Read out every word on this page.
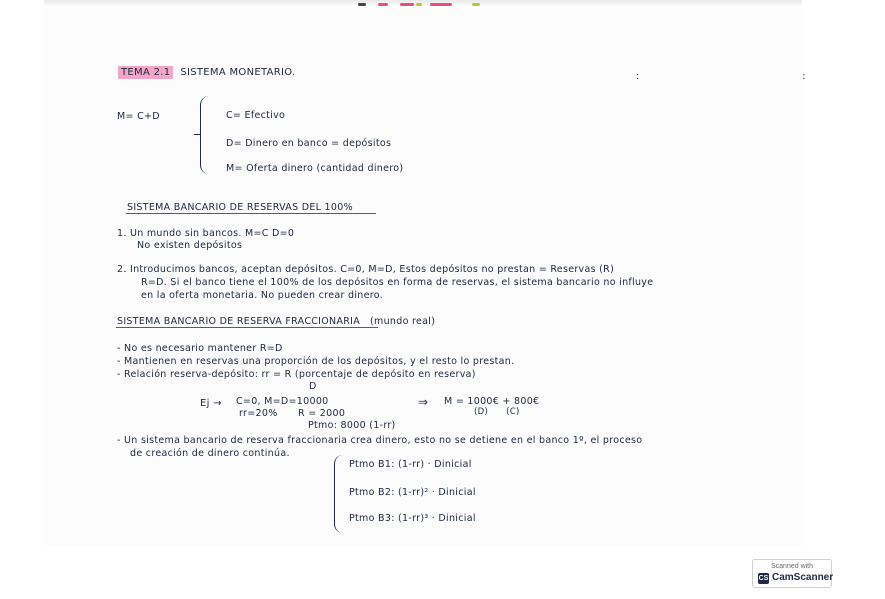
TEMA 2.1 SISTEMA MONETARIO.	: :
M= C+D	C= Efectivo
D= Dinero en banco = depósitos
M= Oferta dinero (cantidad dinero)
SISTEMA BANCARIO DE RESERVAS DEL 100%
1. Un mundo sin bancos. M=C D=0
No existen depósitos
2. Introducimos bancos, aceptan depósitos. C=0, M=D, Estos depósitos no prestan = Reservas (R)
R=D. Si el banco tiene el 100% de los depósitos en forma de reservas, el sistema bancario no influye
en la oferta monetaria. No pueden crear dinero.
SISTEMA BANCARIO DE RESERVA FRACCIONARIA (mundo real)
- No es necesario mantener R=D
- Mantienen en reservas una proporción de los depósitos, y el resto lo prestan.
- Relación reserva-depósito: rr = R (porcentaje de depósito en reserva)
D
Ej → C=0, M=D=10000
rr=20% R = 2000
Ptmo: 8000 (1-rr)
⇒ M = 1000€ + 800€
(D)      (C)
- Un sistema bancario de reserva fraccionaria crea dinero, esto no se detiene en el banco 1º, el proceso
de creación de dinero continúa.
Ptmo B1: (1-rr) · Dinicial
Ptmo B2: (1-rr)² · Dinicial
Ptmo B3: (1-rr)³ · Dinicial
Scanned with
CS CamScanner
